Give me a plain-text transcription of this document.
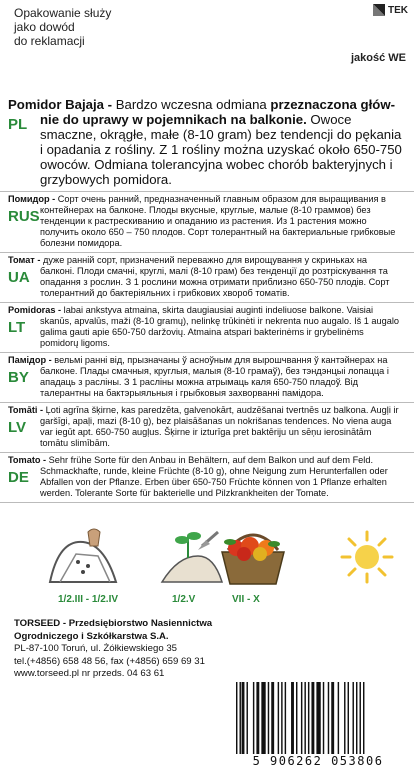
Opakowanie służy
jako dowód
do reklamacji
TEK
jakość WE
PL
Pomidor Bajaja - Bardzo wczesna odmiana przeznaczona głów-nie do uprawy w pojemnikach na balkonie. Owoce smaczne, okrągłe, małe (8-10 gram) bez tendencji do pękania i opadania z rośliny. Z 1 rośliny można uzyskać około 650-750 owoców. Odmiana tolerancyjna wobec chorób bakteryjnych i grzybowych pomidora.
RUS
Помидор - Сорт очень ранний, предназначенный главным образом для выращивания в контейнерах на балконе. Плоды вкусные, круглые, малые (8-10 граммов) без тенденции к растрескиванию и опаданию из растения. Из 1 растения можно получить около 650 – 750 плодов. Сорт толерантный на бактериальные грибковые болезни помидора.
UA
Томат - дуже ранній сорт, призначений переважно для вирощування у скриньках на балконі. Плоди смачні, круглі, малі (8-10 грам) без тенденції до розтріскування та опадання з рослин. З 1 рослини можна отримати приблизно 650-750 плодів. Сорт толерантний до бактеріяльних і грибкових хвороб томатів.
LT
Pomidoras - labai ankstyva atmaina, skirta daugiausiai auginti indeliuose balkone. Vaisiai skanūs, apvalūs, maži (8-10 gramų), nelinkę trūkinėti ir nekrenta nuo augalo. Iš 1 augalo galima gauti apie 650-750 daržovių. Atmaina atspari bakterinėms ir grybelinėms pomidorų ligoms.
BY
Памідор - вельмі ранні від, прызначаны ў асноўным для вырошчвання ў кантэйнерах на балконе. Плады смачныя, круглыя, малыя (8-10 грамаў), без тэндэнцыі лопацца і ападаць з расліны. З 1 расліны можна атрымаць каля 650-750 пладоў. Від талерантны на бактэрыяльныя і грыбковыя захворванні памідора.
LV
Tomāti - Ļoti agrīna šķirne, kas paredzēta, galvenokārt, audzēšanai tvertnēs uz balkona. Augļi ir garšīgi, apaļi, mazi (8-10 g), bez plaisāšanas un nokrišanas tendences. No viena auga var iegūt apt. 650-750 augļus. Šķirne ir izturīga pret baktēriju un sēņu ierosinātām tomātu slimībām.
DE
Tomato - Sehr frühe Sorte für den Anbau in Behältern, auf dem Balkon und auf dem Feld. Schmackhafte, runde, kleine Früchte (8-10 g), ohne Neigung zum Herunterfallen oder Abfallen von der Pflanze. Erben über 650-750 Früchte können von 1 Pflanze erhalten werden. Tolerante Sorte für bakterielle und Pilzkrankheiten der Tomate.
1/2.III - 1/2.IV	1/2.V	VII - X
TORSEED - Przedsiębiorstwo Nasiennictwa
Ogrodniczego i Szkółkarstwa S.A.
PL-87-100 Toruń, ul. Żółkiewskiego 35
tel.(+4856) 658 48 56, fax (+4856) 659 69 31
www.torseed.pl nr przeds. 04 63 61
5 906262 053806
